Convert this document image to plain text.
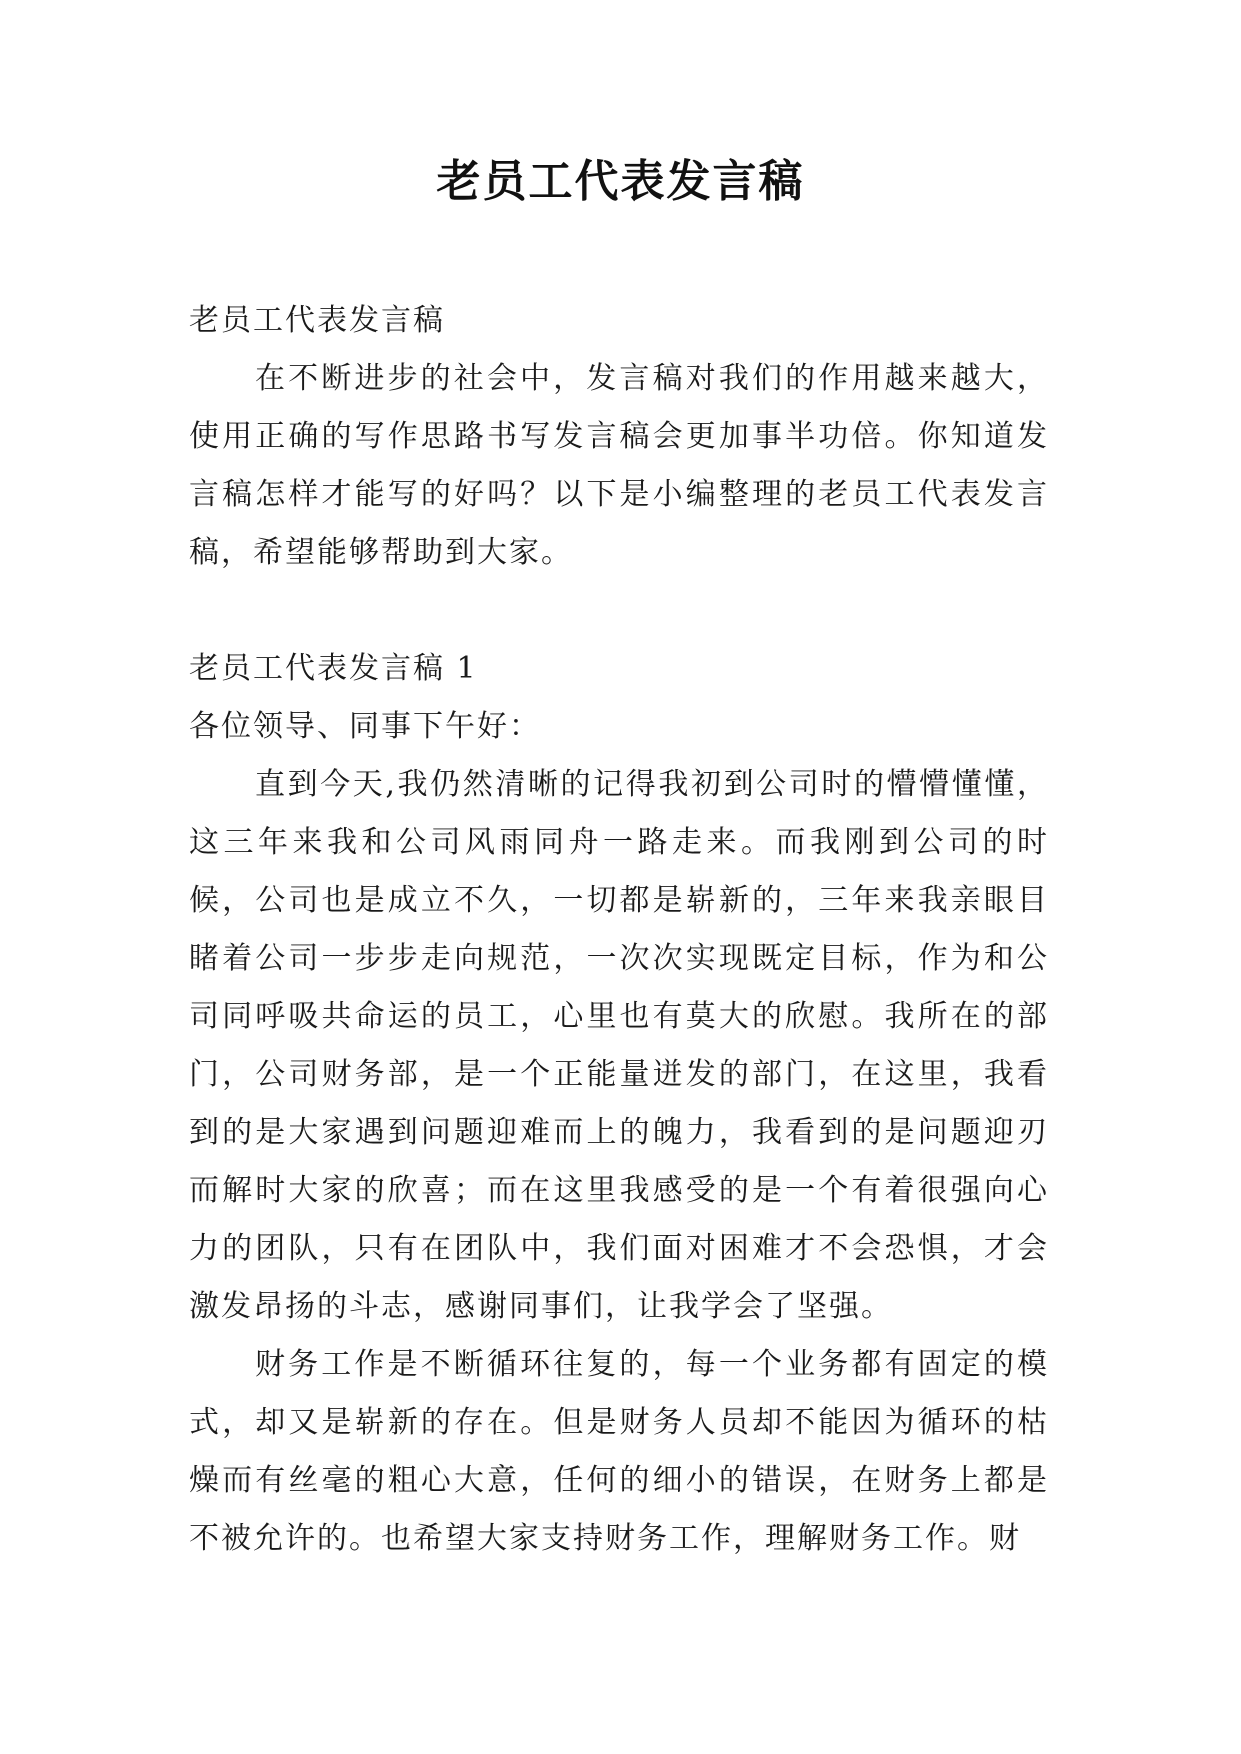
老员工代表发言稿

老员工代表发言稿

在不断进步的社会中，发言稿对我们的作用越来越大，使用正确的写作思路书写发言稿会更加事半功倍。你知道发言稿怎样才能写的好吗？以下是小编整理的老员工代表发言稿，希望能够帮助到大家。

老员工代表发言稿 1

各位领导、同事下午好：

直到今天,我仍然清晰的记得我初到公司时的懵懵懂懂，这三年来我和公司风雨同舟一路走来。而我刚到公司的时候，公司也是成立不久，一切都是崭新的，三年来我亲眼目睹着公司一步步走向规范，一次次实现既定目标，作为和公司同呼吸共命运的员工，心里也有莫大的欣慰。我所在的部门，公司财务部，是一个正能量迸发的部门，在这里，我看到的是大家遇到问题迎难而上的魄力，我看到的是问题迎刃而解时大家的欣喜；而在这里我感受的是一个有着很强向心力的团队，只有在团队中，我们面对困难才不会恐惧，才会激发昂扬的斗志，感谢同事们，让我学会了坚强。

财务工作是不断循环往复的，每一个业务都有固定的模式，却又是崭新的存在。但是财务人员却不能因为循环的枯燥而有丝毫的粗心大意，任何的细小的错误，在财务上都是不被允许的。也希望大家支持财务工作，理解财务工作。财
